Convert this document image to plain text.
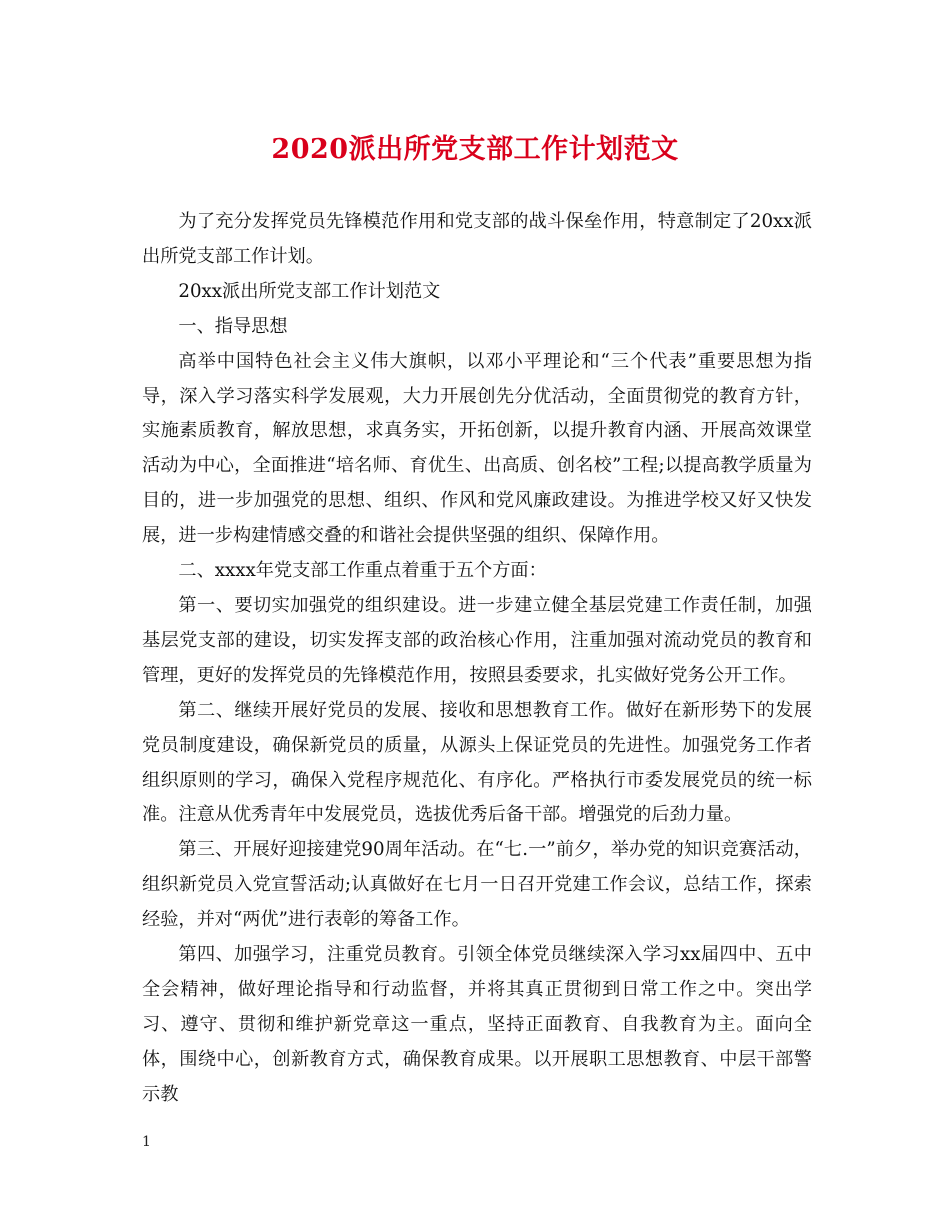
2020派出所党支部工作计划范文

为了充分发挥党员先锋模范作用和党支部的战斗保垒作用，特意制定了20xx派出所党支部工作计划。

20xx派出所党支部工作计划范文

一、指导思想

高举中国特色社会主义伟大旗帜，以邓小平理论和“三个代表”重要思想为指导，深入学习落实科学发展观，大力开展创先分优活动，全面贯彻党的教育方针，实施素质教育，解放思想，求真务实，开拓创新，以提升教育内涵、开展高效课堂活动为中心，全面推进“培名师、育优生、出高质、创名校”工程;以提高教学质量为目的，进一步加强党的思想、组织、作风和党风廉政建设。为推进学校又好又快发展，进一步构建情感交叠的和谐社会提供坚强的组织、保障作用。

二、xxxx年党支部工作重点着重于五个方面：

第一、要切实加强党的组织建设。进一步建立健全基层党建工作责任制，加强基层党支部的建设，切实发挥支部的政治核心作用，注重加强对流动党员的教育和管理，更好的发挥党员的先锋模范作用，按照县委要求，扎实做好党务公开工作。

第二、继续开展好党员的发展、接收和思想教育工作。做好在新形势下的发展党员制度建设，确保新党员的质量，从源头上保证党员的先进性。加强党务工作者组织原则的学习，确保入党程序规范化、有序化。严格执行市委发展党员的统一标准。注意从优秀青年中发展党员，选拔优秀后备干部。增强党的后劲力量。

第三、开展好迎接建党90周年活动。在“七.一”前夕，举办党的知识竞赛活动，组织新党员入党宣誓活动;认真做好在七月一日召开党建工作会议，总结工作，探索经验，并对“两优”进行表彰的筹备工作。

第四、加强学习，注重党员教育。引领全体党员继续深入学习xx届四中、五中全会精神，做好理论指导和行动监督，并将其真正贯彻到日常工作之中。突出学习、遵守、贯彻和维护新党章这一重点，坚持正面教育、自我教育为主。面向全体，围绕中心，创新教育方式，确保教育成果。以开展职工思想教育、中层干部警示教

1
